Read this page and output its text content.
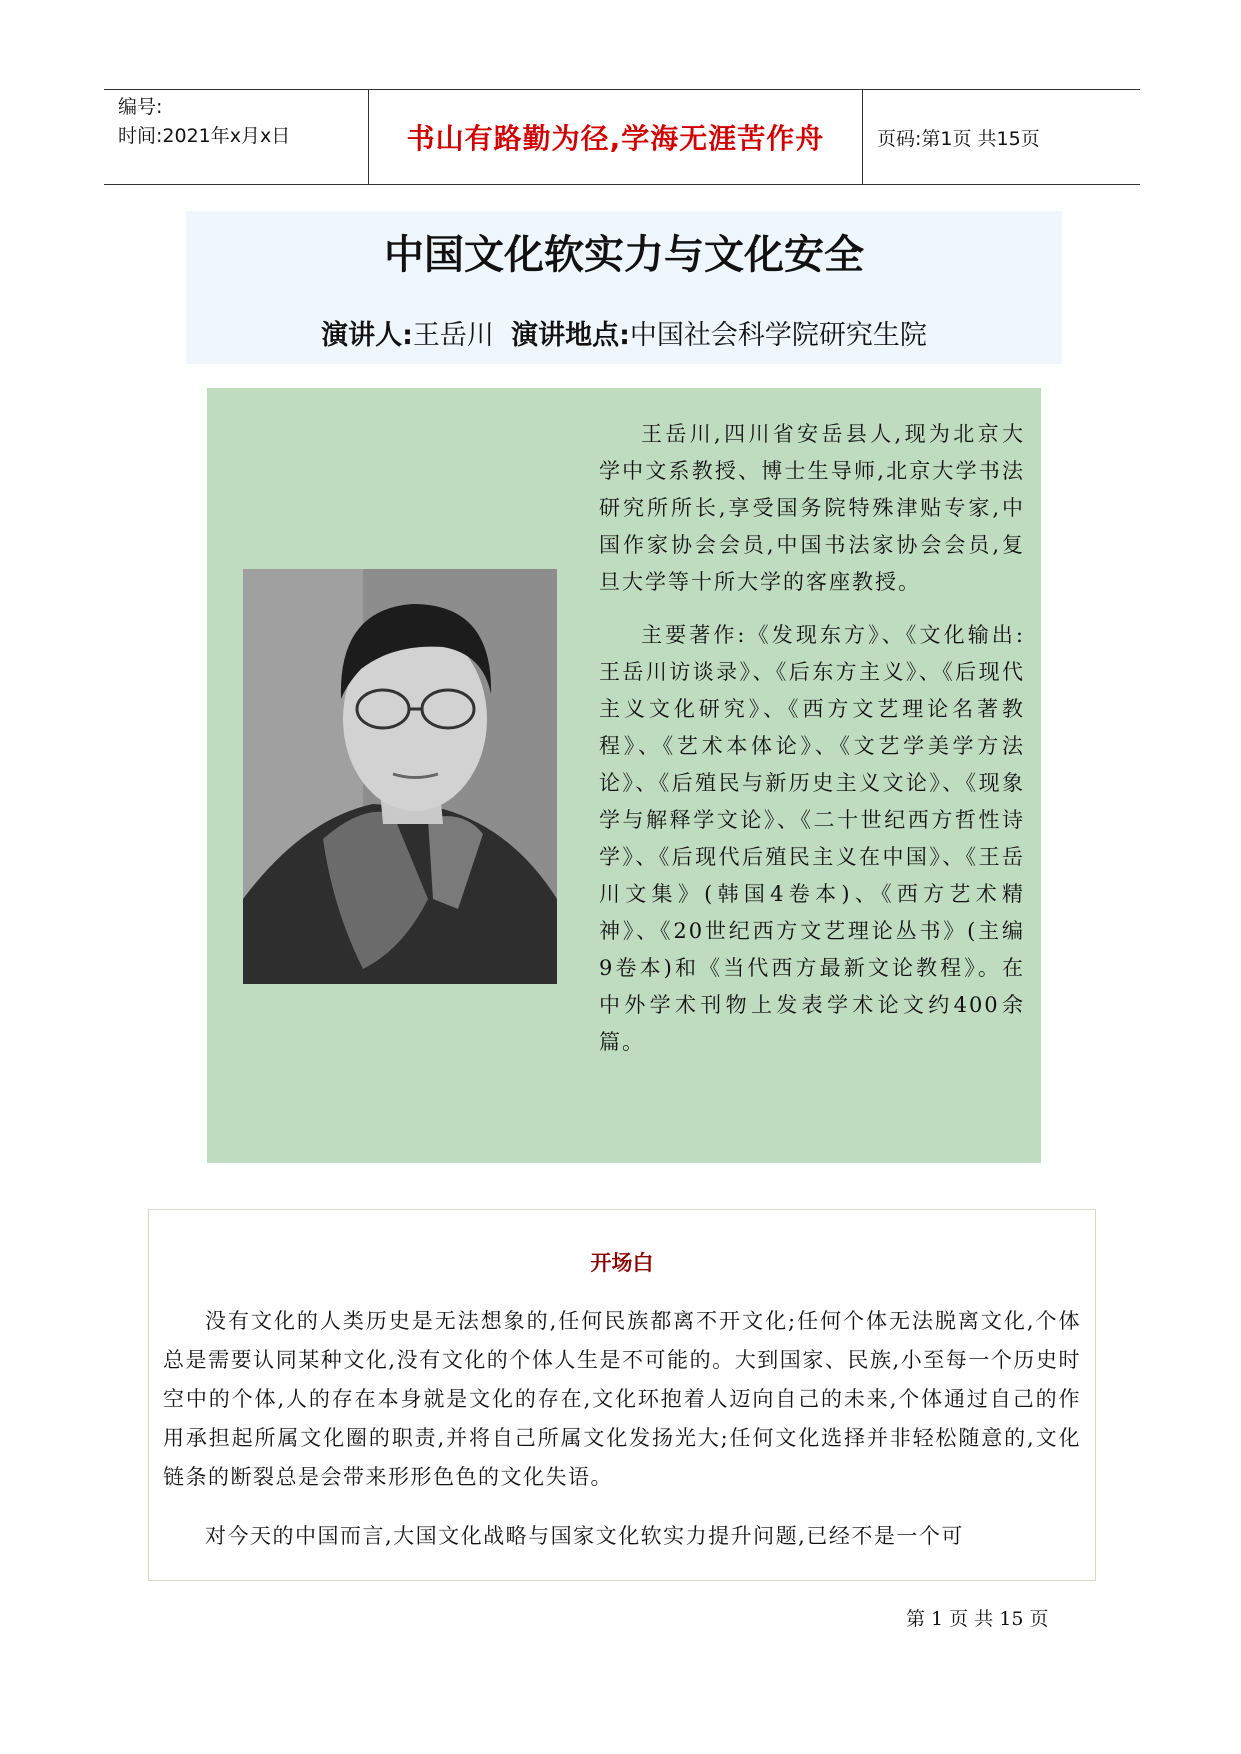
编号:
时间:2021年x月x日	书山有路勤为径,学海无涯苦作舟	页码:第1页 共15页
中国文化软实力与文化安全
演讲人:王岳川 演讲地点:中国社会科学院研究生院

王岳川,四川省安岳县人,现为北京大学中文系教授、博士生导师,北京大学书法研究所所长,享受国务院特殊津贴专家,中国作家协会会员,中国书法家协会会员,复旦大学等十所大学的客座教授。

主要著作:《发现东方》、《文化输出:王岳川访谈录》、《后东方主义》、《后现代主义文化研究》、《西方文艺理论名著教程》、《艺术本体论》、《文艺学美学方法论》、《后殖民与新历史主义文论》、《现象学与解释学文论》、《二十世纪西方哲性诗学》、《后现代后殖民主义在中国》、《王岳川文集》(韩国4卷本)、《西方艺术精神》、《20世纪西方文艺理论丛书》(主编9卷本)和《当代西方最新文论教程》。在中外学术刊物上发表学术论文约400余篇。

开场白

没有文化的人类历史是无法想象的,任何民族都离不开文化;任何个体无法脱离文化,个体总是需要认同某种文化,没有文化的个体人生是不可能的。大到国家、民族,小至每一个历史时空中的个体,人的存在本身就是文化的存在,文化环抱着人迈向自己的未来,个体通过自己的作用承担起所属文化圈的职责,并将自己所属文化发扬光大;任何文化选择并非轻松随意的,文化链条的断裂总是会带来形形色色的文化失语。

对今天的中国而言,大国文化战略与国家文化软实力提升问题,已经不是一个可

第 1 页 共 15 页
